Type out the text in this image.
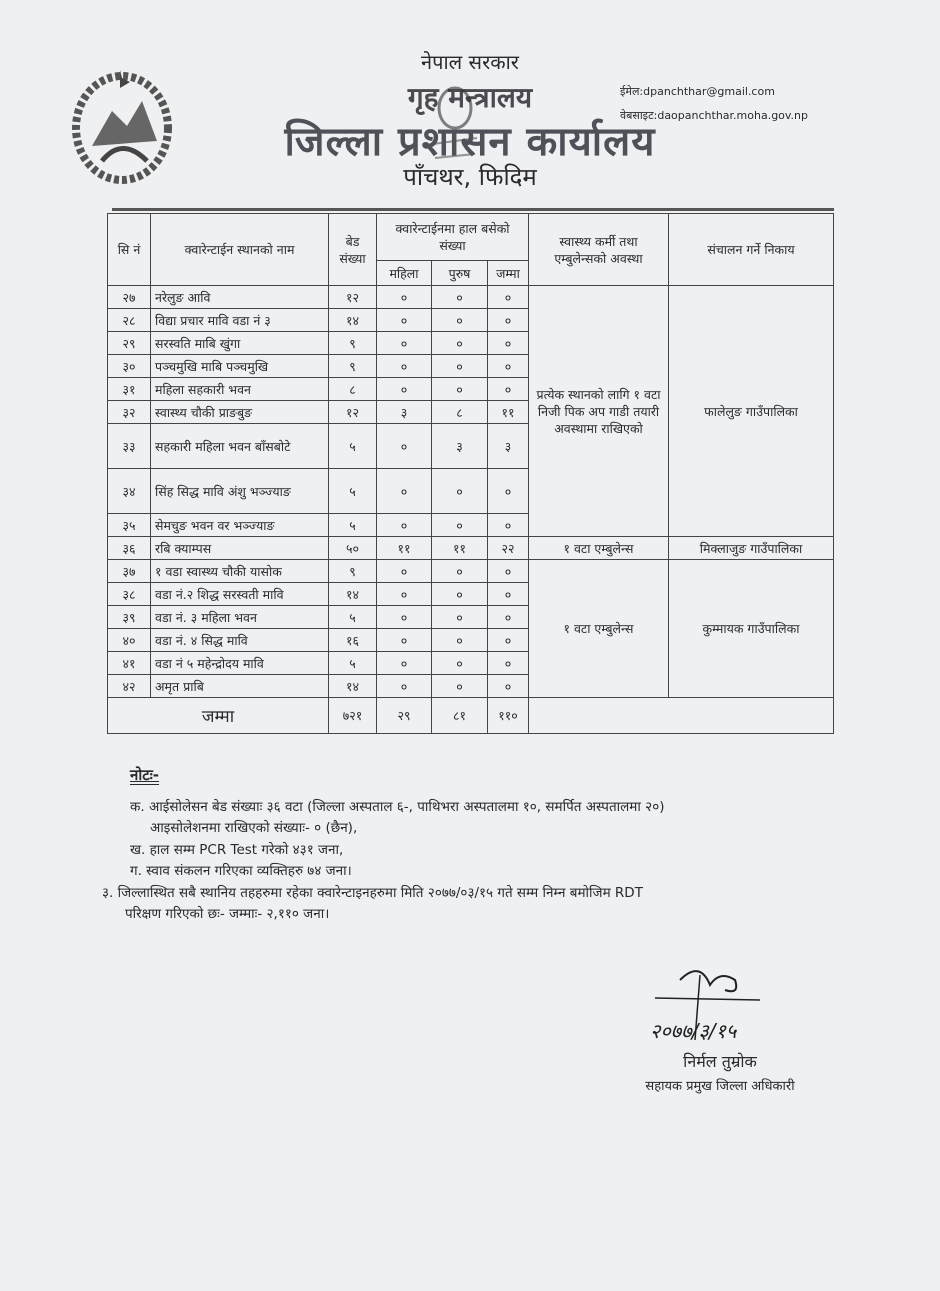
नेपाल सरकार
गृह मन्त्रालय
जिल्ला प्रशासन कार्यालय
पाँचथर, फिदिम
ईमेल:dpanchthar@gmail.com
वेबसाइट:daopanchthar.moha.gov.np
सि नं	क्वारेन्टाईन स्थानको नाम	बेड संख्या	क्वारेन्टाईनमा हाल बसेको संख्या			स्वास्थ्य कर्मी तथा एम्बुलेन्सको अवस्था	संचालन गर्ने निकाय
			महिला	पुरुष	जम्मा		
२७	नरेलुङ आवि	१२	०	०	०	प्रत्येक स्थानको लागि १ वटा निजी पिक अप गाडी तयारी अवस्थामा राखिएको	फालेलुङ गाउँपालिका
२८	विद्या प्रचार मावि वडा नं ३	१४	०	०	०		
२९	सरस्वति माबि खुंगा	९	०	०	०		
३०	पञ्चमुखि माबि पञ्चमुखि	९	०	०	०		
३१	महिला सहकारी भवन	८	०	०	०		
३२	स्वास्थ्य चौकी प्राङबुङ	१२	३	८	११		
३३	सहकारी महिला भवन बाँसबोटे	५	०	३	३		
३४	सिंह सिद्ध मावि अंशु भञ्ज्याङ	५	०	०	०		
३५	सेमचुङ भवन वर भञ्ज्याङ	५	०	०	०		
३६	रबि क्याम्पस	५०	११	११	२२	१ वटा एम्बुलेन्स	मिक्लाजुङ गाउँपालिका
३७	१ वडा स्वास्थ्य चौकी यासोक	९	०	०	०	१ वटा एम्बुलेन्स	कुम्मायक गाउँपालिका
३८	वडा नं.२ शिद्ध सरस्वती मावि	१४	०	०	०		
३९	वडा नं. ३ महिला भवन	५	०	०	०		
४०	वडा नं. ४ सिद्ध मावि	१६	०	०	०		
४१	वडा नं ५ महेन्द्रोदय मावि	५	०	०	०		
४२	अमृत प्राबि	१४	०	०	०		
जम्मा		७२१	२९	८१	११०		
नोटः-
क. आईसोलेसन बेड संख्याः ३६ वटा (जिल्ला अस्पताल ६-, पाथिभरा अस्पतालमा १०, समर्पित अस्पतालमा २०)
आइसोलेशनमा राखिएको संख्याः- ० (छैन),
ख. हाल सम्म PCR Test गरेको ४३१ जना,
ग. स्वाव संकलन गरिएका व्यक्तिहरु ७४ जना।
३. जिल्लास्थित सबै स्थानिय तहहरुमा रहेका क्वारेन्टाइनहरुमा मिति २०७७/०३/१५ गते सम्म निम्न बमोजिम RDT
परिक्षण गरिएको छः- जम्माः- २,११० जना।
२०७७/३/१५
निर्मल तुम्रोक
सहायक प्रमुख जिल्ला अधिकारी
